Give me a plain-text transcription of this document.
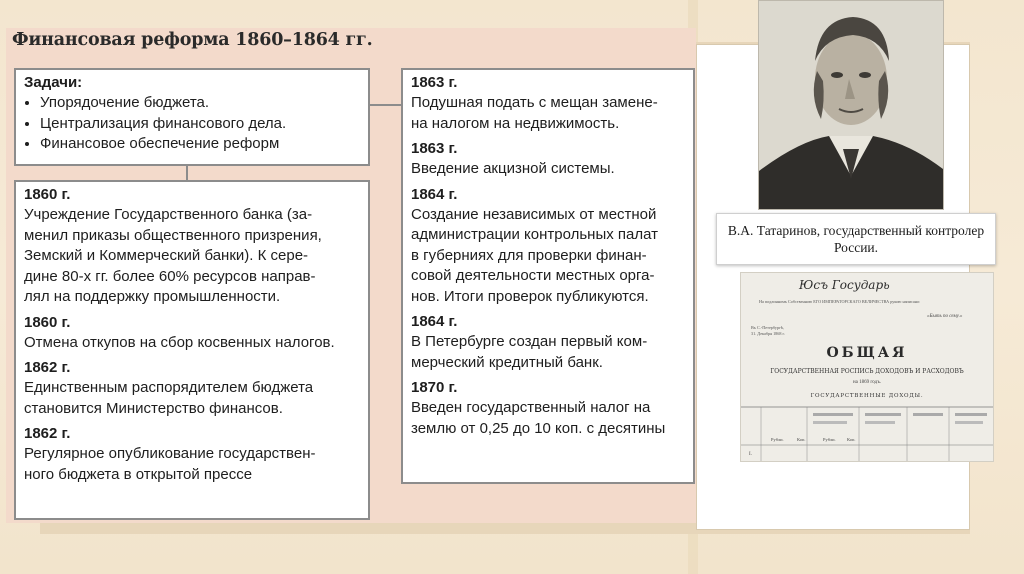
Финансовая реформа 1860–1864 гг.
Задачи:
• Упорядочение бюджета.
• Централизация финансового дела.
• Финансовое обеспечение реформ

1860 г.

Учреждение Государственного банка (за-
менил приказы общественного призрения,
Земский и Коммерческий банки). К сере-
дине 80-х гг. более 60% ресурсов направ-
лял на поддержку промышленности.

1860 г.

Отмена откупов на сбор косвенных налогов.

1862 г.

Единственным распорядителем бюджета
становится Министерство финансов.

1862 г.

Регулярное опубликование государствен-
ного бюджета в открытой прессе

1863 г.

Подушная подать с мещан замене-
на налогом на недвижимость.

1863 г.

Введение акцизной системы.

1864 г.

Создание независимых от местной
администрации контрольных палат
в губерниях для проверки финан-
совой деятельности местных орга-
нов. Итоги проверок публикуются.

1864 г.

В Петербурге создан первый ком-
мерческий кредитный банк.

1870 г.

Введен государственный налог на
землю от 0,25 до 10 коп. с десятины

В.А. Татаринов, государственный контролер России.
Юсъ Государь
На подлинномъ Собственною ЕГО ИМПЕРАТОРСКАГО ВЕЛИЧЕСТВА рукою написано:
«Быть по сему.»
Въ С.-Петербургѣ,
31. Декабря 1868 г.
ОБЩАЯ
ГОСУДАРСТВЕННАЯ РОСПИСЬ ДОХОДОВЪ И РАСХОДОВЪ
на 1869 годъ.
ГОСУДАРСТВЕННЫЕ ДОХОДЫ.
Рубли.	Коп.	Рубли.	Коп.
I.
